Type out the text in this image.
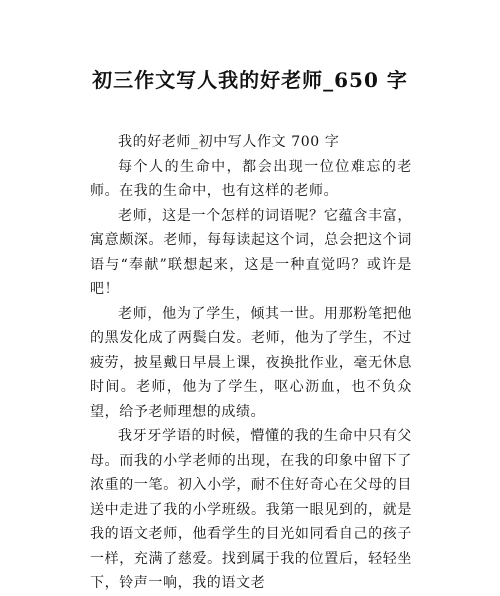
初三作文写人我的好老师_650 字

我的好老师_初中写人作文 700 字

每个人的生命中，都会出现一位位难忘的老师。在我的生命中，也有这样的老师。

老师，这是一个怎样的词语呢？它蕴含丰富，寓意颇深。老师，每每读起这个词，总会把这个词语与“奉献”联想起来，这是一种直觉吗？或许是吧！

老师，他为了学生，倾其一世。用那粉笔把他的黑发化成了两鬓白发。老师，他为了学生，不过疲劳，披星戴日早晨上课，夜换批作业，毫无休息时间。老师，他为了学生，呕心沥血，也不负众望，给予老师理想的成绩。

我牙牙学语的时候，懵懂的我的生命中只有父母。而我的小学老师的出现，在我的印象中留下了浓重的一笔。初入小学，耐不住好奇心在父母的目送中走进了我的小学班级。我第一眼见到的，就是我的语文老师，他看学生的目光如同看自己的孩子一样，充满了慈爱。找到属于我的位置后，轻轻坐下，铃声一响，我的语文老
